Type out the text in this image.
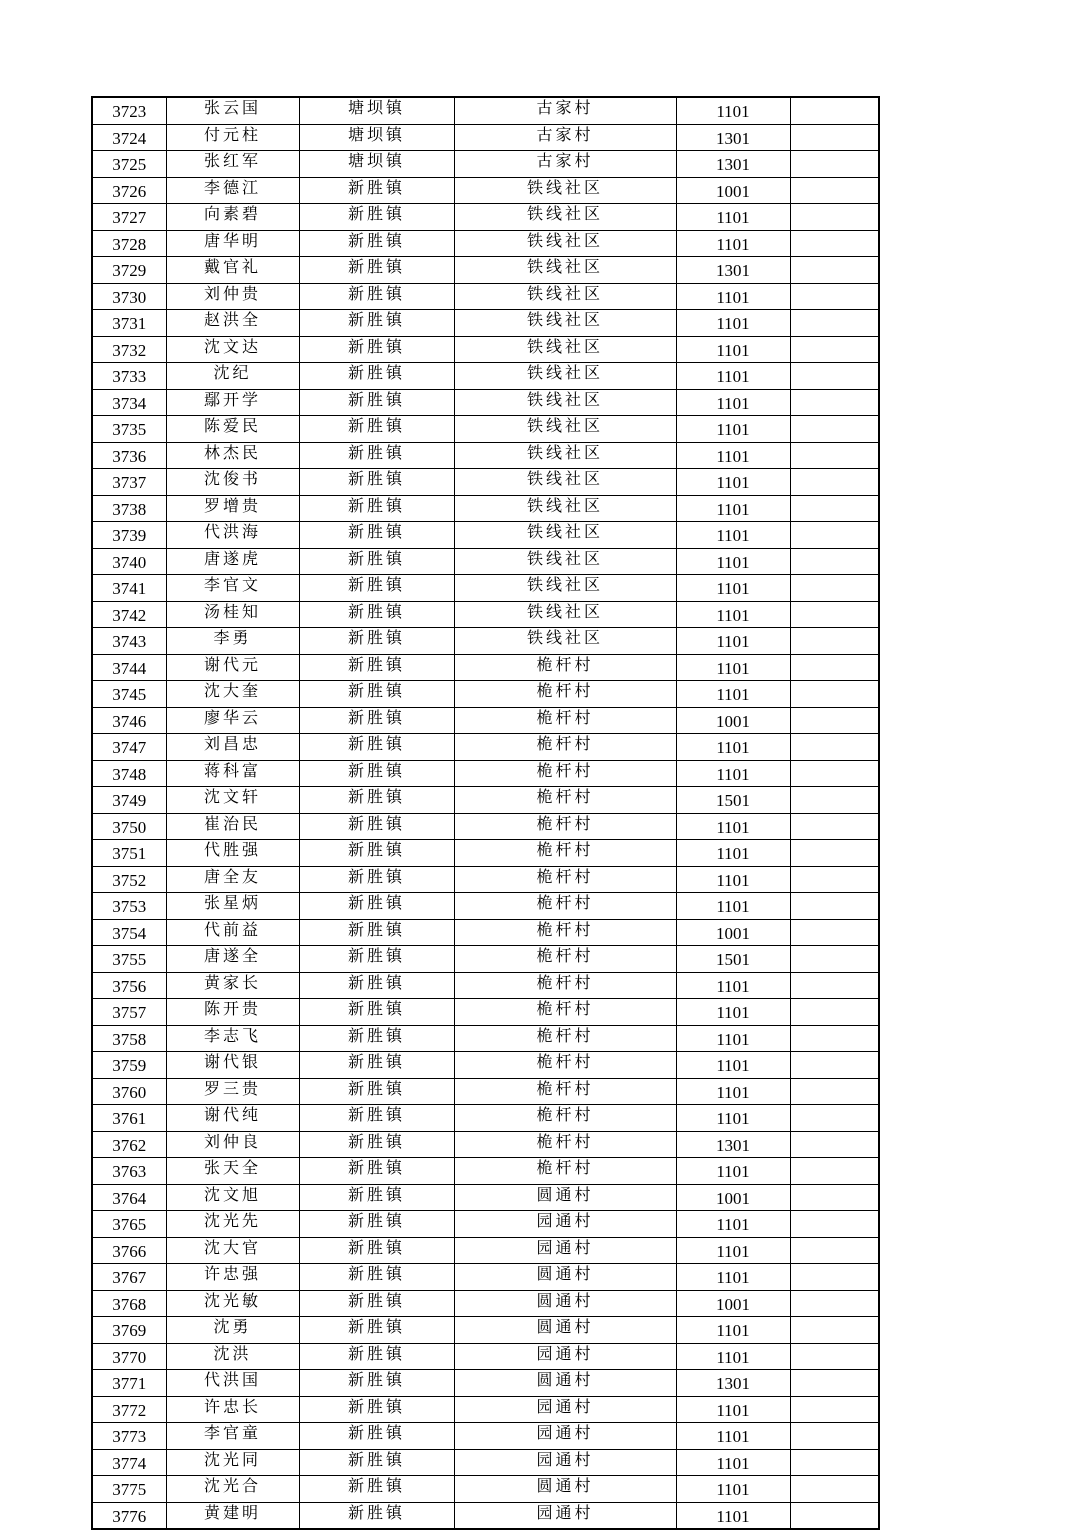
3723	张云国	塘坝镇	古家村	1101	
3724	付元柱	塘坝镇	古家村	1301	
3725	张红军	塘坝镇	古家村	1301	
3726	李德江	新胜镇	铁线社区	1001	
3727	向素碧	新胜镇	铁线社区	1101	
3728	唐华明	新胜镇	铁线社区	1101	
3729	戴官礼	新胜镇	铁线社区	1301	
3730	刘仲贵	新胜镇	铁线社区	1101	
3731	赵洪全	新胜镇	铁线社区	1101	
3732	沈文达	新胜镇	铁线社区	1101	
3733	沈纪	新胜镇	铁线社区	1101	
3734	鄢开学	新胜镇	铁线社区	1101	
3735	陈爱民	新胜镇	铁线社区	1101	
3736	林杰民	新胜镇	铁线社区	1101	
3737	沈俊书	新胜镇	铁线社区	1101	
3738	罗增贵	新胜镇	铁线社区	1101	
3739	代洪海	新胜镇	铁线社区	1101	
3740	唐遂虎	新胜镇	铁线社区	1101	
3741	李官文	新胜镇	铁线社区	1101	
3742	汤桂知	新胜镇	铁线社区	1101	
3743	李勇	新胜镇	铁线社区	1101	
3744	谢代元	新胜镇	桅杆村	1101	
3745	沈大奎	新胜镇	桅杆村	1101	
3746	廖华云	新胜镇	桅杆村	1001	
3747	刘昌忠	新胜镇	桅杆村	1101	
3748	蒋科富	新胜镇	桅杆村	1101	
3749	沈文轩	新胜镇	桅杆村	1501	
3750	崔治民	新胜镇	桅杆村	1101	
3751	代胜强	新胜镇	桅杆村	1101	
3752	唐全友	新胜镇	桅杆村	1101	
3753	张星炳	新胜镇	桅杆村	1101	
3754	代前益	新胜镇	桅杆村	1001	
3755	唐遂全	新胜镇	桅杆村	1501	
3756	黄家长	新胜镇	桅杆村	1101	
3757	陈开贵	新胜镇	桅杆村	1101	
3758	李志飞	新胜镇	桅杆村	1101	
3759	谢代银	新胜镇	桅杆村	1101	
3760	罗三贵	新胜镇	桅杆村	1101	
3761	谢代纯	新胜镇	桅杆村	1101	
3762	刘仲良	新胜镇	桅杆村	1301	
3763	张天全	新胜镇	桅杆村	1101	
3764	沈文旭	新胜镇	圆通村	1001	
3765	沈光先	新胜镇	园通村	1101	
3766	沈大官	新胜镇	园通村	1101	
3767	许忠强	新胜镇	圆通村	1101	
3768	沈光敏	新胜镇	圆通村	1001	
3769	沈勇	新胜镇	圆通村	1101	
3770	沈洪	新胜镇	园通村	1101	
3771	代洪国	新胜镇	圆通村	1301	
3772	许忠长	新胜镇	园通村	1101	
3773	李官童	新胜镇	园通村	1101	
3774	沈光同	新胜镇	园通村	1101	
3775	沈光合	新胜镇	圆通村	1101	
3776	黄建明	新胜镇	园通村	1101	
